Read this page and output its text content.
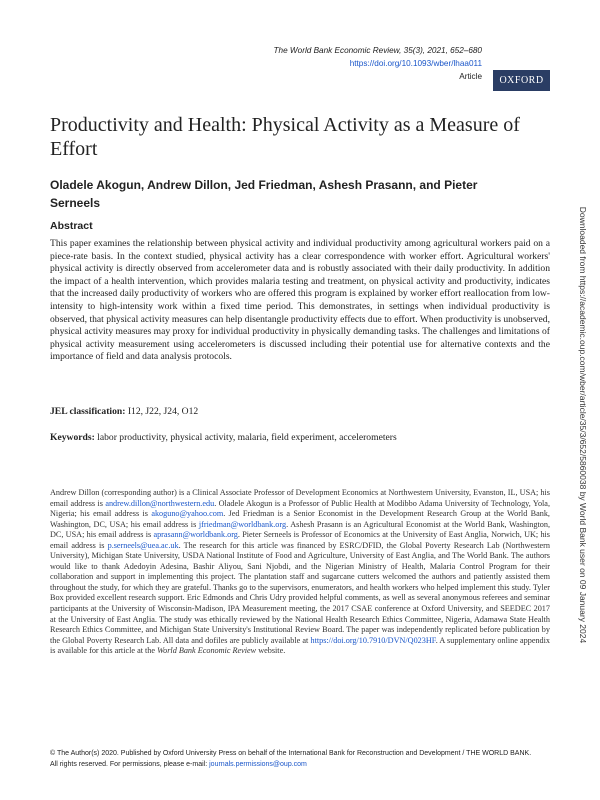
The World Bank Economic Review, 35(3), 2021, 652–680
https://doi.org/10.1093/wber/lhaa011
Article OXFORD
Downloaded from https://academic.oup.com/wber/article/35/3/652/5860038 by World Bank user on 09 January 2024
Productivity and Health: Physical Activity as a Measure of Effort

Oladele Akogun, Andrew Dillon, Jed Friedman, Ashesh Prasann, and Pieter Serneels

Abstract

This paper examines the relationship between physical activity and individual productivity among agricultural workers paid on a piece-rate basis. In the context studied, physical activity has a clear correspondence with worker effort. Agricultural workers' physical activity is directly observed from accelerometer data and is robustly associated with their daily productivity. In addition the impact of a health intervention, which provides malaria testing and treatment, on physical activity and productivity, indicates that the increased daily productivity of workers who are offered this program is explained by worker effort reallocation from low-intensity to high-intensity work within a fixed time period. This demonstrates, in settings when individual productivity is observed, that physical activity measures can help disentangle productivity effects due to effort. When productivity is unobserved, physical activity measures may proxy for individual productivity in physically demanding tasks. The challenges and limitations of physical activity measurement using accelerometers is discussed including their potential use for alternative contexts and the importance of field and data analysis protocols.

JEL classification: I12, J22, J24, O12
Keywords: labor productivity, physical activity, malaria, field experiment, accelerometers

Andrew Dillon (corresponding author) is a Clinical Associate Professor of Development Economics at Northwestern University, Evanston, IL, USA; his email address is andrew.dillon@northwestern.edu. Oladele Akogun is a Professor of Public Health at Modibbo Adama University of Technology, Yola, Nigeria; his email address is akoguno@yahoo.com. Jed Friedman is a Senior Economist in the Development Research Group at the World Bank, Washington, DC, USA; his email address is jfriedman@worldbank.org. Ashesh Prasann is an Agricultural Economist at the World Bank, Washington, DC, USA; his email address is aprasann@worldbank.org. Pieter Serneels is Professor of Economics at the University of East Anglia, Norwich, UK; his email address is p.serneels@uea.ac.uk. The research for this article was financed by ESRC/DFID, the Global Poverty Research Lab (Northwestern University), Michigan State University, USDA National Institute of Food and Agriculture, University of East Anglia, and The World Bank. The authors would like to thank Adedoyin Adesina, Bashir Aliyou, Sani Njobdi, and the Nigerian Ministry of Health, Malaria Control Program for their collaboration and support in implementing this project. The plantation staff and sugarcane cutters welcomed the authors and patiently assisted them throughout the study, for which they are grateful. Thanks go to the supervisors, enumerators, and health workers who helped implement this study. Tyler Box provided excellent research support. Eric Edmonds and Chris Udry provided helpful comments, as well as several anonymous referees and seminar participants at the University of Wisconsin-Madison, IPA Measurement meeting, the 2017 CSAE conference at Oxford University, and SEEDEC 2017 at the University of East Anglia. The study was ethically reviewed by the National Health Research Ethics Committee, Nigeria, Adamawa State Health Research Ethics Committee, and Michigan State University's Institutional Review Board. The paper was independently replicated before publication by the Global Poverty Research Lab. All data and dofiles are publicly available at https://doi.org/10.7910/DVN/Q023HF. A supplementary online appendix is available for this article at the World Bank Economic Review website.

© The Author(s) 2020. Published by Oxford University Press on behalf of the International Bank for Reconstruction and Development / THE WORLD BANK.
All rights reserved. For permissions, please e-mail: journals.permissions@oup.com
